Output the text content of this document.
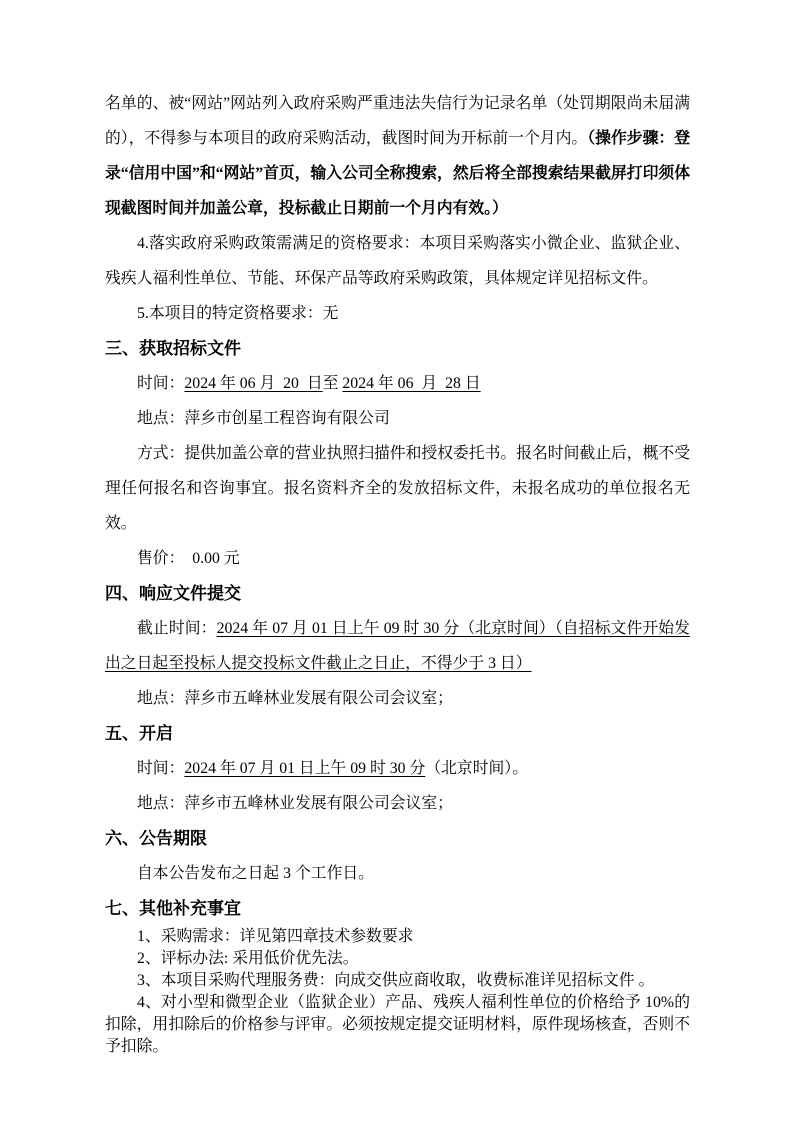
名单的、被“网站”网站列入政府采购严重违法失信行为记录名单（处罚期限尚未届满的），不得参与本项目的政府采购活动，截图时间为开标前一个月内。（操作步骤：登录“信用中国”和“网站”首页，输入公司全称搜索，然后将全部搜索结果截屏打印须体现截图时间并加盖公章，投标截止日期前一个月内有效。）

4.落实政府采购政策需满足的资格要求：本项目采购落实小微企业、监狱企业、残疾人福利性单位、节能、环保产品等政府采购政策，具体规定详见招标文件。

5.本项目的特定资格要求：无

三、获取招标文件

时间：2024 年 06 月  20  日至 2024 年 06  月  28 日

地点：萍乡市创星工程咨询有限公司

方式：提供加盖公章的营业执照扫描件和授权委托书。报名时间截止后，概不受理任何报名和咨询事宜。报名资料齐全的发放招标文件，未报名成功的单位报名无效。

售价：  0.00 元

四、响应文件提交

截止时间：2024 年 07 月 01 日上午 09 时 30 分（北京时间）（自招标文件开始发出之日起至投标人提交投标文件截止之日止，不得少于 3 日）

地点：萍乡市五峰林业发展有限公司会议室；

五、开启

时间：2024 年 07 月 01 日上午 09 时 30 分（北京时间）。

地点：萍乡市五峰林业发展有限公司会议室；

六、公告期限

自本公告发布之日起 3 个工作日。

七、其他补充事宜

1、采购需求：详见第四章技术参数要求

2、评标办法: 采用低价优先法。

3、本项目采购代理服务费：向成交供应商收取，收费标准详见招标文件 。

4、对小型和微型企业（监狱企业）产品、残疾人福利性单位的价格给予 10%的扣除，用扣除后的价格参与评审。必须按规定提交证明材料，原件现场核查，否则不予扣除。
